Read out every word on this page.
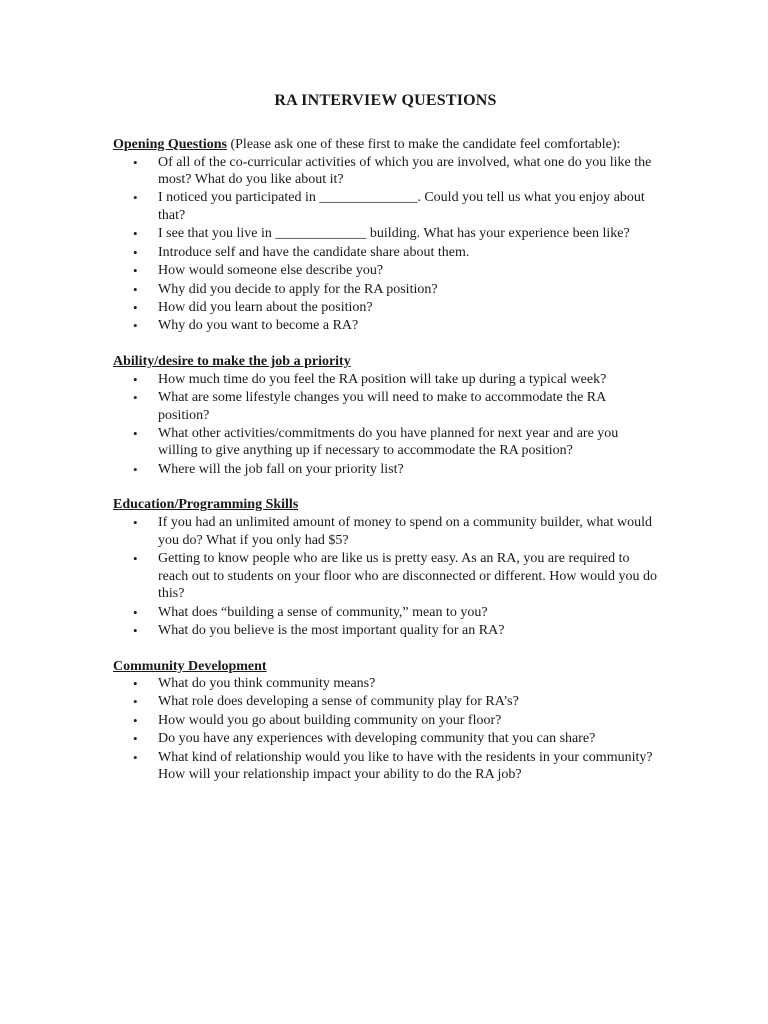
RA INTERVIEW QUESTIONS

Opening Questions (Please ask one of these first to make the candidate feel comfortable):

• Of all of the co-curricular activities of which you are involved, what one do you like the most? What do you like about it?
• I noticed you participated in ______________. Could you tell us what you enjoy about that?
• I see that you live in _____________ building. What has your experience been like?
• Introduce self and have the candidate share about them.
• How would someone else describe you?
• Why did you decide to apply for the RA position?
• How did you learn about the position?
• Why do you want to become a RA?

Ability/desire to make the job a priority

• How much time do you feel the RA position will take up during a typical week?
• What are some lifestyle changes you will need to make to accommodate the RA position?
• What other activities/commitments do you have planned for next year and are you willing to give anything up if necessary to accommodate the RA position?
• Where will the job fall on your priority list?

Education/Programming Skills

• If you had an unlimited amount of money to spend on a community builder, what would you do? What if you only had $5?
• Getting to know people who are like us is pretty easy. As an RA, you are required to reach out to students on your floor who are disconnected or different. How would you do this?
• What does “building a sense of community,” mean to you?
• What do you believe is the most important quality for an RA?

Community Development

• What do you think community means?
• What role does developing a sense of community play for RA’s?
• How would you go about building community on your floor?
• Do you have any experiences with developing community that you can share?
• What kind of relationship would you like to have with the residents in your community? How will your relationship impact your ability to do the RA job?
